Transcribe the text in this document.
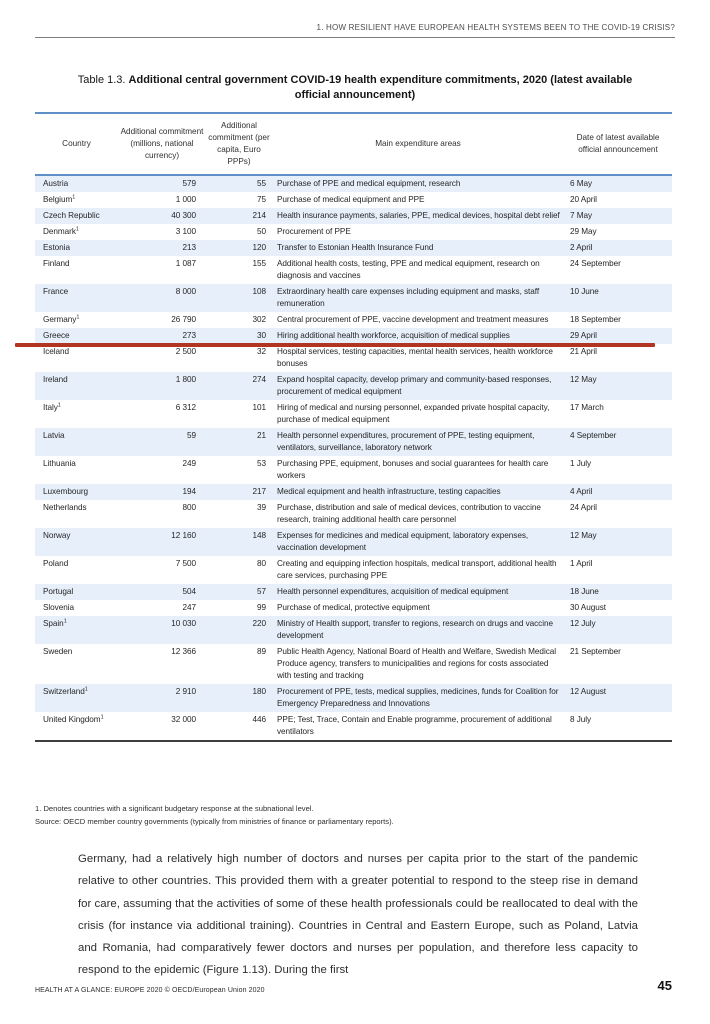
1. HOW RESILIENT HAVE EUROPEAN HEALTH SYSTEMS BEEN TO THE COVID-19 CRISIS?
Table 1.3. Additional central government COVID-19 health expenditure commitments, 2020 (latest available official announcement)
Country	Additional commitment (millions, national currency)	Additional commitment (per capita, Euro PPPs)	Main expenditure areas	Date of latest available official announcement
Austria	579	55	Purchase of PPE and medical equipment, research	6 May
Belgium$^1$	1 000	75	Purchase of medical equipment and PPE	20 April
Czech Republic	40 300	214	Health insurance payments, salaries, PPE, medical devices, hospital debt relief	7 May
Denmark$^1$	3 100	50	Procurement of PPE	29 May
Estonia	213	120	Transfer to Estonian Health Insurance Fund	2 April
Finland	1 087	155	Additional health costs, testing, PPE and medical equipment, research on diagnosis and vaccines	24 September
France	8 000	108	Extraordinary health care expenses including equipment and masks, staff remuneration	10 June
Germany$^1$	26 790	302	Central procurement of PPE, vaccine development and treatment measures	18 September
Greece	273	30	Hiring additional health workforce, acquisition of medical supplies	29 April
Iceland	2 500	32	Hospital services, testing capacities, mental health services, health workforce bonuses	21 April
Ireland	1 800	274	Expand hospital capacity, develop primary and community-based responses, procurement of medical equipment	12 May
Italy$^1$	6 312	101	Hiring of medical and nursing personnel, expanded private hospital capacity, purchase of medical equipment	17 March
Latvia	59	21	Health personnel expenditures, procurement of PPE, testing equipment, ventilators, surveillance, laboratory network	4 September
Lithuania	249	53	Purchasing PPE, equipment, bonuses and social guarantees for health care workers	1 July
Luxembourg	194	217	Medical equipment and health infrastructure, testing capacities	4 April
Netherlands	800	39	Purchase, distribution and sale of medical devices, contribution to vaccine research, training additional health care personnel	24 April
Norway	12 160	148	Expenses for medicines and medical equipment, laboratory expenses, vaccination development	12 May
Poland	7 500	80	Creating and equipping infection hospitals, medical transport, additional health care services, purchasing PPE	1 April
Portugal	504	57	Health personnel expenditures, acquisition of medical equipment	18 June
Slovenia	247	99	Purchase of medical, protective equipment	30 August
Spain$^1$	10 030	220	Ministry of Health support, transfer to regions, research on drugs and vaccine development	12 July
Sweden	12 366	89	Public Health Agency, National Board of Health and Welfare, Swedish Medical Produce agency, transfers to municipalities and regions for costs associated with testing and tracking	21 September
Switzerland$^1$	2 910	180	Procurement of PPE, tests, medical supplies, medicines, funds for Coalition for Emergency Preparedness and Innovations	12 August
United Kingdom$^1$	32 000	446	PPE; Test, Trace, Contain and Enable programme, procurement of additional ventilators	8 July
1. Denotes countries with a significant budgetary response at the subnational level.
Source: OECD member country governments (typically from ministries of finance or parliamentary reports).
Germany, had a relatively high number of doctors and nurses per capita prior to the start of the pandemic relative to other countries. This provided them with a greater potential to respond to the steep rise in demand for care, assuming that the activities of some of these health professionals could be reallocated to deal with the crisis (for instance via additional training). Countries in Central and Eastern Europe, such as Poland, Latvia and Romania, had comparatively fewer doctors and nurses per population, and therefore less capacity to respond to the epidemic (Figure 1.13). During the first
HEALTH AT A GLANCE: EUROPE 2020 © OECD/European Union 2020	45
